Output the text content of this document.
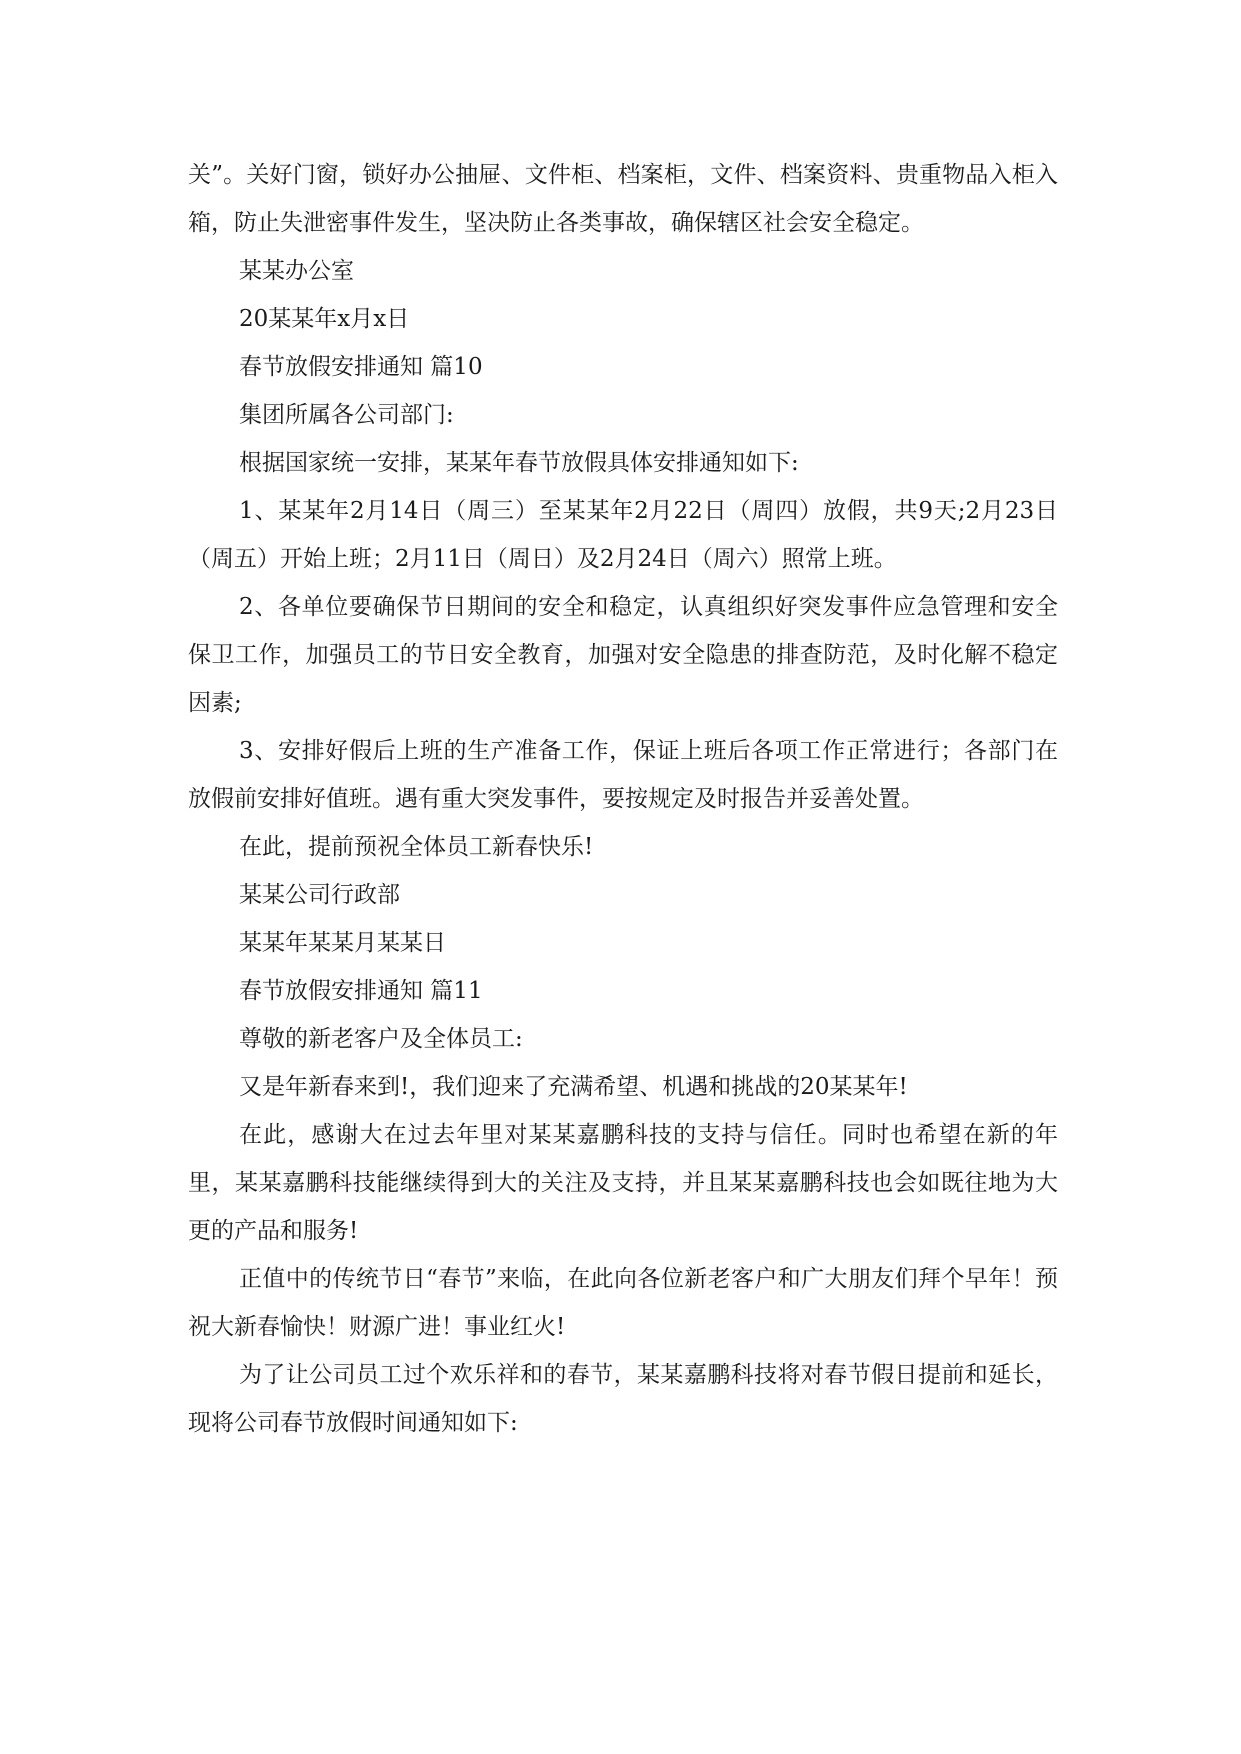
关”。关好门窗，锁好办公抽屉、文件柜、档案柜，文件、档案资料、贵重物品入柜入箱，防止失泄密事件发生，坚决防止各类事故，确保辖区社会安全稳定。

某某办公室

20某某年x月x日

春节放假安排通知 篇10

集团所属各公司部门:

根据国家统一安排，某某年春节放假具体安排通知如下:

1、某某年2月14日（周三）至某某年2月22日（周四）放假，共9天;2月23日（周五）开始上班；2月11日（周日）及2月24日（周六）照常上班。

2、各单位要确保节日期间的安全和稳定，认真组织好突发事件应急管理和安全保卫工作，加强员工的节日安全教育，加强对安全隐患的排查防范，及时化解不稳定因素;

3、安排好假后上班的生产准备工作，保证上班后各项工作正常进行；各部门在放假前安排好值班。遇有重大突发事件，要按规定及时报告并妥善处置。

在此，提前预祝全体员工新春快乐!

某某公司行政部

某某年某某月某某日

春节放假安排通知 篇11

尊敬的新老客户及全体员工:

又是年新春来到!，我们迎来了充满希望、机遇和挑战的20某某年!

在此，感谢大在过去年里对某某嘉鹏科技的支持与信任。同时也希望在新的年里，某某嘉鹏科技能继续得到大的关注及支持，并且某某嘉鹏科技也会如既往地为大更的产品和服务!

正值中的传统节日“春节”来临，在此向各位新老客户和广大朋友们拜个早年！预祝大新春愉快！财源广进！事业红火!

为了让公司员工过个欢乐祥和的春节，某某嘉鹏科技将对春节假日提前和延长，现将公司春节放假时间通知如下:
